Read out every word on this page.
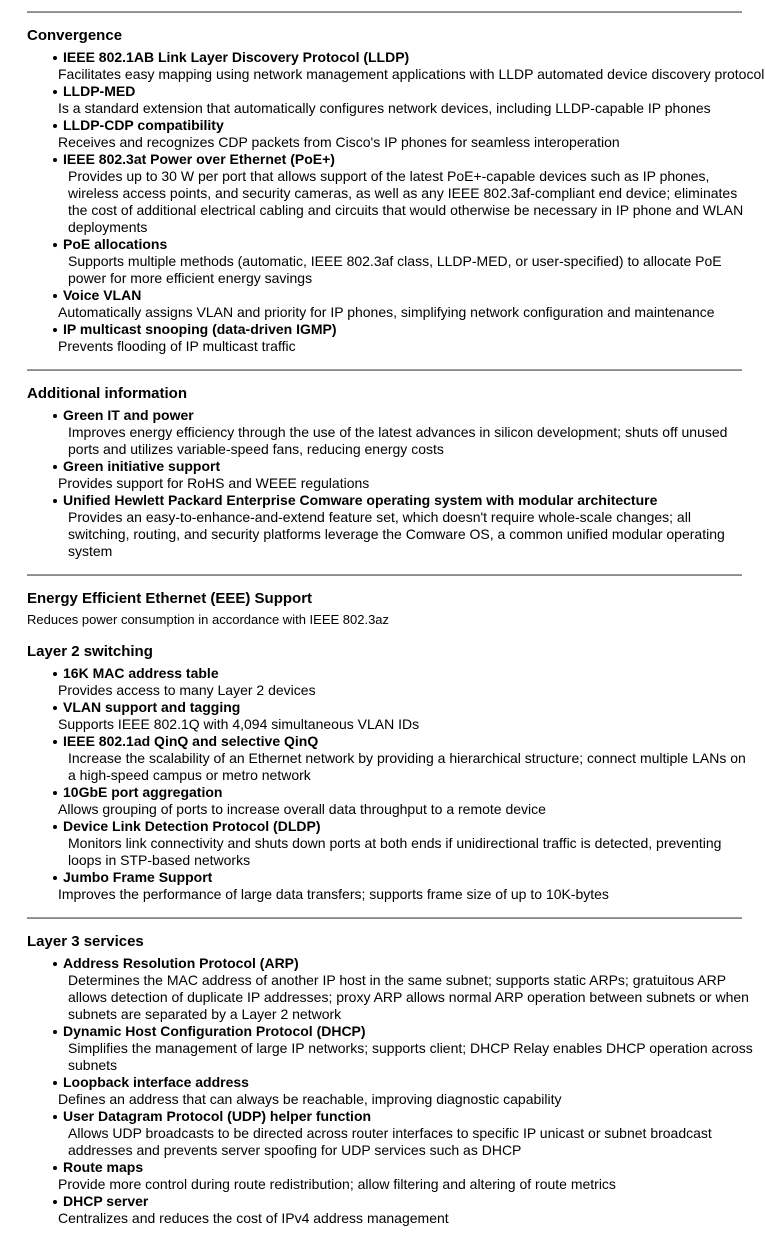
Convergence
IEEE 802.1AB Link Layer Discovery Protocol (LLDP)
Facilitates easy mapping using network management applications with LLDP automated device discovery protocol
LLDP-MED
Is a standard extension that automatically configures network devices, including LLDP-capable IP phones
LLDP-CDP compatibility
Receives and recognizes CDP packets from Cisco's IP phones for seamless interoperation
IEEE 802.3at Power over Ethernet (PoE+)
Provides up to 30 W per port that allows support of the latest PoE+-capable devices such as IP phones, wireless access points, and security cameras, as well as any IEEE 802.3af-compliant end device; eliminates the cost of additional electrical cabling and circuits that would otherwise be necessary in IP phone and WLAN deployments
PoE allocations
Supports multiple methods (automatic, IEEE 802.3af class, LLDP-MED, or user-specified) to allocate PoE power for more efficient energy savings
Voice VLAN
Automatically assigns VLAN and priority for IP phones, simplifying network configuration and maintenance
IP multicast snooping (data-driven IGMP)
Prevents flooding of IP multicast traffic
Additional information
Green IT and power
Improves energy efficiency through the use of the latest advances in silicon development; shuts off unused ports and utilizes variable-speed fans, reducing energy costs
Green initiative support
Provides support for RoHS and WEEE regulations
Unified Hewlett Packard Enterprise Comware operating system with modular architecture
Provides an easy-to-enhance-and-extend feature set, which doesn't require whole-scale changes; all switching, routing, and security platforms leverage the Comware OS, a common unified modular operating system
Energy Efficient Ethernet (EEE) Support

Reduces power consumption in accordance with IEEE 802.3az

Layer 2 switching
16K MAC address table
Provides access to many Layer 2 devices
VLAN support and tagging
Supports IEEE 802.1Q with 4,094 simultaneous VLAN IDs
IEEE 802.1ad QinQ and selective QinQ
Increase the scalability of an Ethernet network by providing a hierarchical structure; connect multiple LANs on a high-speed campus or metro network
10GbE port aggregation
Allows grouping of ports to increase overall data throughput to a remote device
Device Link Detection Protocol (DLDP)
Monitors link connectivity and shuts down ports at both ends if unidirectional traffic is detected, preventing loops in STP-based networks
Jumbo Frame Support
Improves the performance of large data transfers; supports frame size of up to 10K-bytes
Layer 3 services
Address Resolution Protocol (ARP)
Determines the MAC address of another IP host in the same subnet; supports static ARPs; gratuitous ARP allows detection of duplicate IP addresses; proxy ARP allows normal ARP operation between subnets or when subnets are separated by a Layer 2 network
Dynamic Host Configuration Protocol (DHCP)
Simplifies the management of large IP networks; supports client; DHCP Relay enables DHCP operation across subnets
Loopback interface address
Defines an address that can always be reachable, improving diagnostic capability
User Datagram Protocol (UDP) helper function
Allows UDP broadcasts to be directed across router interfaces to specific IP unicast or subnet broadcast addresses and prevents server spoofing for UDP services such as DHCP
Route maps
Provide more control during route redistribution; allow filtering and altering of route metrics
DHCP server
Centralizes and reduces the cost of IPv4 address management
